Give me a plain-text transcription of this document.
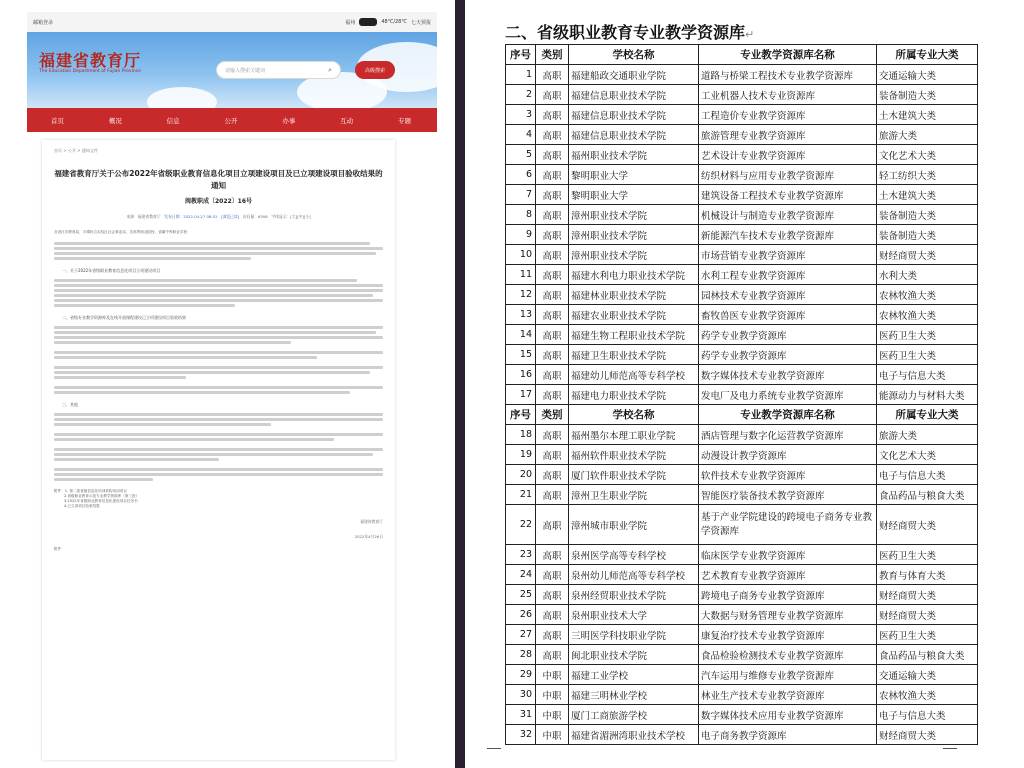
邮箱登录	福州	48℃/28℃ 七天预报
福建省教育厅
The Education Department of Fujian Province	请输入搜索关键词	⌕	高级搜索
首页	概况	信息	公开	办事	互动	专题
首页 > 公开 > 通知文件
福建省教育厅关于公布2022年省级职业教育信息化项目立项建设项目及已立项建设项目验收结果的通知
闽教职成〔2022〕16号
来源：福建省教育厅 发布日期：2022-04-27 08:52 [浏览已读] 访问量：6306 字体显示：[大][中][小]
各设区市教育局，平潭综合实验区社会事业局，各高等职业院校，省属中等职业学校：
一、关于2022年省级职业教育信息化项目立项建设项目
二、省级专业教学资源库及在线开放课程建设已立项建设项目验收结果
三、其他
附件：1. 第二批省级信息化培训机构培训项目
2.省级职业教育示范专业教学资源库（第三批）
3.2022年省级职业教育信息化建设项目任务书
4.已立项项目验收结果
福建省教育厅
2022年4月26日
附件：
二、省级职业教育专业教学资源库↵
序号	类别	学校名称	专业教学资源库名称	所属专业大类
1	高职	福建船政交通职业学院	道路与桥梁工程技术专业教学资源库	交通运输大类
2	高职	福建信息职业技术学院	工业机器人技术专业资源库	装备制造大类
3	高职	福建信息职业技术学院	工程造价专业教学资源库	土木建筑大类
4	高职	福建信息职业技术学院	旅游管理专业教学资源库	旅游大类
5	高职	福州职业技术学院	艺术设计专业教学资源库	文化艺术大类
6	高职	黎明职业大学	纺织材料与应用专业教学资源库	轻工纺织大类
7	高职	黎明职业大学	建筑设备工程技术专业教学资源库	土木建筑大类
8	高职	漳州职业技术学院	机械设计与制造专业教学资源库	装备制造大类
9	高职	漳州职业技术学院	新能源汽车技术专业教学资源库	装备制造大类
10	高职	漳州职业技术学院	市场营销专业教学资源库	财经商贸大类
11	高职	福建水利电力职业技术学院	水利工程专业教学资源库	水利大类
12	高职	福建林业职业技术学院	园林技术专业教学资源库	农林牧渔大类
13	高职	福建农业职业技术学院	畜牧兽医专业教学资源库	农林牧渔大类
14	高职	福建生物工程职业技术学院	药学专业教学资源库	医药卫生大类
15	高职	福建卫生职业技术学院	药学专业教学资源库	医药卫生大类
16	高职	福建幼儿师范高等专科学校	数字媒体技术专业教学资源库	电子与信息大类
17	高职	福建电力职业技术学院	发电厂及电力系统专业教学资源库	能源动力与材料大类
序号	类别	学校名称	专业教学资源库名称	所属专业大类
18	高职	福州墨尔本理工职业学院	酒店管理与数字化运营教学资源库	旅游大类
19	高职	福州软件职业技术学院	动漫设计教学资源库	文化艺术大类
20	高职	厦门软件职业技术学院	软件技术专业教学资源库	电子与信息大类
21	高职	漳州卫生职业学院	智能医疗装备技术教学资源库	食品药品与粮食大类
22	高职	漳州城市职业学院	基于产业学院建设的跨境电子商务专业教学资源库	财经商贸大类
23	高职	泉州医学高等专科学校	临床医学专业教学资源库	医药卫生大类
24	高职	泉州幼儿师范高等专科学校	艺术教育专业教学资源库	教育与体育大类
25	高职	泉州经贸职业技术学院	跨境电子商务专业教学资源库	财经商贸大类
26	高职	泉州职业技术大学	大数据与财务管理专业教学资源库	财经商贸大类
27	高职	三明医学科技职业学院	康复治疗技术专业教学资源库	医药卫生大类
28	高职	闽北职业技术学院	食品检验检测技术专业教学资源库	食品药品与粮食大类
29	中职	福建工业学校	汽车运用与维修专业教学资源库	交通运输大类
30	中职	福建三明林业学校	林业生产技术专业教学资源库	农林牧渔大类
31	中职	厦门工商旅游学校	数字媒体技术应用专业教学资源库	电子与信息大类
32	中职	福建省湄洲湾职业技术学校	电子商务教学资源库	财经商贸大类
